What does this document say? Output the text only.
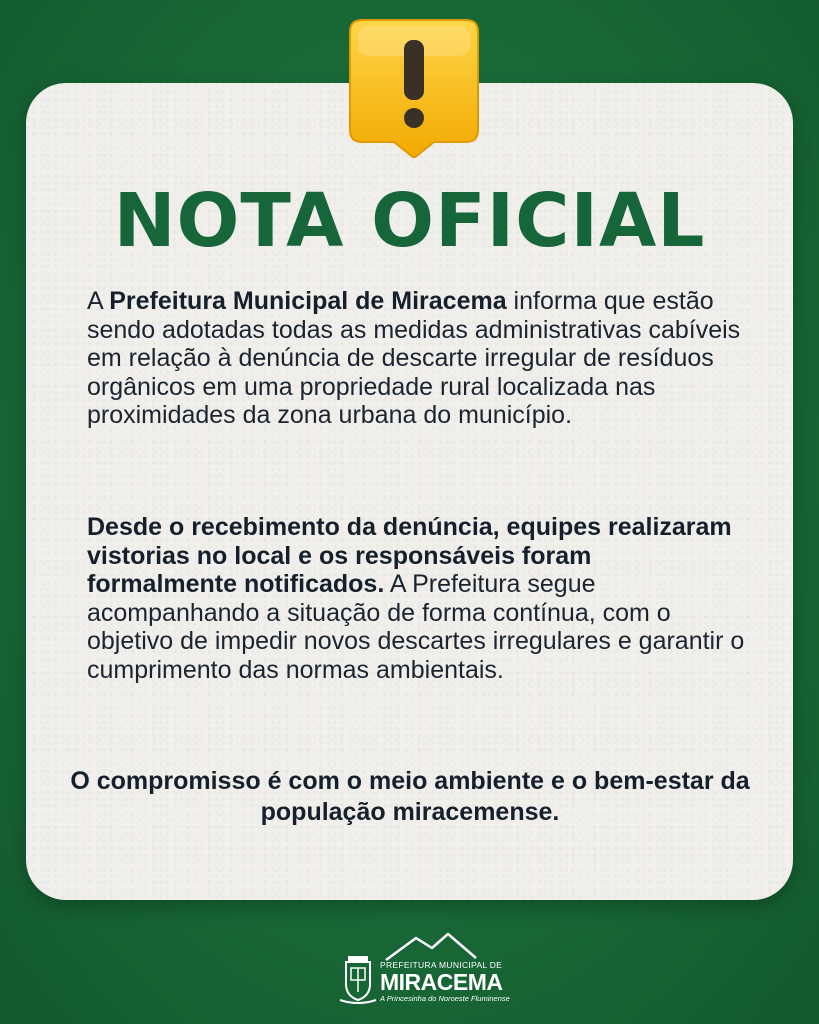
NOTA OFICIAL

A Prefeitura Municipal de Miracema informa que estão sendo adotadas todas as medidas administrativas cabíveis em relação à denúncia de descarte irregular de resíduos orgânicos em uma propriedade rural localizada nas proximidades da zona urbana do município.

Desde o recebimento da denúncia, equipes realizaram vistorias no local e os responsáveis foram formalmente notificados. A Prefeitura segue acompanhando a situação de forma contínua, com o objetivo de impedir novos descartes irregulares e garantir o cumprimento das normas ambientais.

O compromisso é com o meio ambiente e o bem-estar da população miracemense.

PREFEITURA MUNICIPAL DE
MIRACEMA
A Princesinha do Noroeste Fluminense
